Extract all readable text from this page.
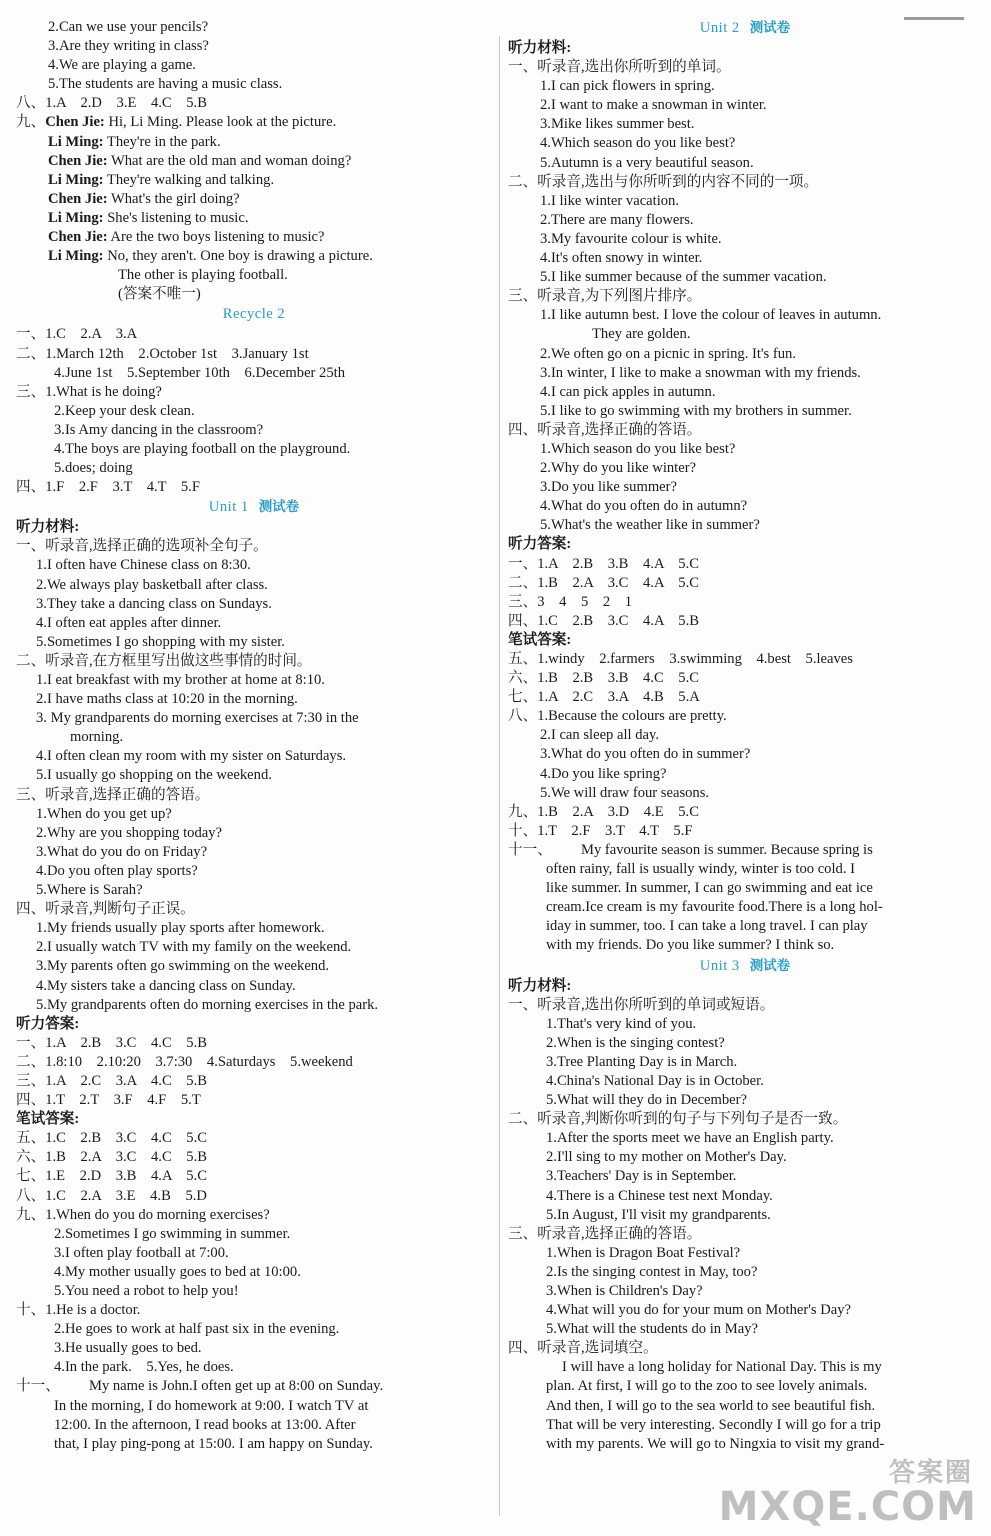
2.Can we use your pencils?
3.Are they writing in class?
4.We are playing a game.
5.The students are having a music class.
八、1.A    2.D    3.E    4.C    5.B
九、Chen Jie: Hi, Li Ming. Please look at the picture.
Li Ming: They're in the park.
Chen Jie: What are the old man and woman doing?
Li Ming: They're walking and talking.
Chen Jie: What's the girl doing?
Li Ming: She's listening to music.
Chen Jie: Are the two boys listening to music?
Li Ming: No, they aren't. One boy is drawing a picture.
The other is playing football.
(答案不唯一)
Recycle 2
一、1.C    2.A    3.A
二、1.March 12th    2.October 1st    3.January 1st
4.June 1st    5.September 10th    6.December 25th
三、1.What is he doing?
2.Keep your desk clean.
3.Is Amy dancing in the classroom?
4.The boys are playing football on the playground.
5.does; doing
四、1.F    2.F    3.T    4.T    5.F
Unit 1 测试卷
听力材料:
一、听录音,选择正确的选项补全句子。
1.I often have Chinese class on 8:30.
2.We always play basketball after class.
3.They take a dancing class on Sundays.
4.I often eat apples after dinner.
5.Sometimes I go shopping with my sister.
二、听录音,在方框里写出做这些事情的时间。
1.I eat breakfast with my brother at home at 8:10.
2.I have maths class at 10:20 in the morning.
3. My grandparents do morning exercises at 7:30 in the
morning.
4.I often clean my room with my sister on Saturdays.
5.I usually go shopping on the weekend.
三、听录音,选择正确的答语。
1.When do you get up?
2.Why are you shopping today?
3.What do you do on Friday?
4.Do you often play sports?
5.Where is Sarah?
四、听录音,判断句子正误。
1.My friends usually play sports after homework.
2.I usually watch TV with my family on the weekend.
3.My parents often go swimming on the weekend.
4.My sisters take a dancing class on Sunday.
5.My grandparents often do morning exercises in the park.
听力答案:
一、1.A    2.B    3.C    4.C    5.B
二、1.8:10    2.10:20    3.7:30    4.Saturdays    5.weekend
三、1.A    2.C    3.A    4.C    5.B
四、1.T    2.T    3.F    4.F    5.T
笔试答案:
五、1.C    2.B    3.C    4.C    5.C
六、1.B    2.A    3.C    4.C    5.B
七、1.E    2.D    3.B    4.A    5.C
八、1.C    2.A    3.E    4.B    5.D
九、1.When do you do morning exercises?
2.Sometimes I go swimming in summer.
3.I often play football at 7:00.
4.My mother usually goes to bed at 10:00.
5.You need a robot to help you!
十、1.He is a doctor.
2.He goes to work at half past six in the evening.
3.He usually goes to bed.
4.In the park.    5.Yes, he does.
十一、        My name is John.I often get up at 8:00 on Sunday.
In the morning, I do homework at 9:00. I watch TV at
12:00. In the afternoon, I read books at 13:00. After
that, I play ping-pong at 15:00. I am happy on Sunday.
Unit 2 测试卷
听力材料:
一、听录音,选出你所听到的单词。
1.I can pick flowers in spring.
2.I want to make a snowman in winter.
3.Mike likes summer best.
4.Which season do you like best?
5.Autumn is a very beautiful season.
二、听录音,选出与你所听到的内容不同的一项。
1.I like winter vacation.
2.There are many flowers.
3.My favourite colour is white.
4.It's often snowy in winter.
5.I like summer because of the summer vacation.
三、听录音,为下列图片排序。
1.I like autumn best. I love the colour of leaves in autumn.
They are golden.
2.We often go on a picnic in spring. It's fun.
3.In winter, I like to make a snowman with my friends.
4.I can pick apples in autumn.
5.I like to go swimming with my brothers in summer.
四、听录音,选择正确的答语。
1.Which season do you like best?
2.Why do you like winter?
3.Do you like summer?
4.What do you often do in autumn?
5.What's the weather like in summer?
听力答案:
一、1.A    2.B    3.B    4.A    5.C
二、1.B    2.A    3.C    4.A    5.C
三、3    4    5    2    1
四、1.C    2.B    3.C    4.A    5.B
笔试答案:
五、1.windy    2.farmers    3.swimming    4.best    5.leaves
六、1.B    2.B    3.B    4.C    5.C
七、1.A    2.C    3.A    4.B    5.A
八、1.Because the colours are pretty.
2.I can sleep all day.
3.What do you often do in summer?
4.Do you like spring?
5.We will draw four seasons.
九、1.B    2.A    3.D    4.E    5.C
十、1.T    2.F    3.T    4.T    5.F
十一、        My favourite season is summer. Because spring is
often rainy, fall is usually windy, winter is too cold. I
like summer. In summer, I can go swimming and eat ice
cream.Ice cream is my favourite food.There is a long hol-
iday in summer, too. I can take a long travel. I can play
with my friends. Do you like summer? I think so.
Unit 3 测试卷
听力材料:
一、听录音,选出你所听到的单词或短语。
1.That's very kind of you.
2.When is the singing contest?
3.Tree Planting Day is in March.
4.China's National Day is in October.
5.What will they do in December?
二、听录音,判断你听到的句子与下列句子是否一致。
1.After the sports meet we have an English party.
2.I'll sing to my mother on Mother's Day.
3.Teachers' Day is in September.
4.There is a Chinese test next Monday.
5.In August, I'll visit my grandparents.
三、听录音,选择正确的答语。
1.When is Dragon Boat Festival?
2.Is the singing contest in May, too?
3.When is Children's Day?
4.What will you do for your mum on Mother's Day?
5.What will the students do in May?
四、听录音,选词填空。
I will have a long holiday for National Day. This is my
plan. At first, I will go to the zoo to see lovely animals.
And then, I will go to the sea world to see beautiful fish.
That will be very interesting. Secondly I will go for a trip
with my parents. We will go to Ningxia to visit my grand-
答案圈
MXQE.COM
